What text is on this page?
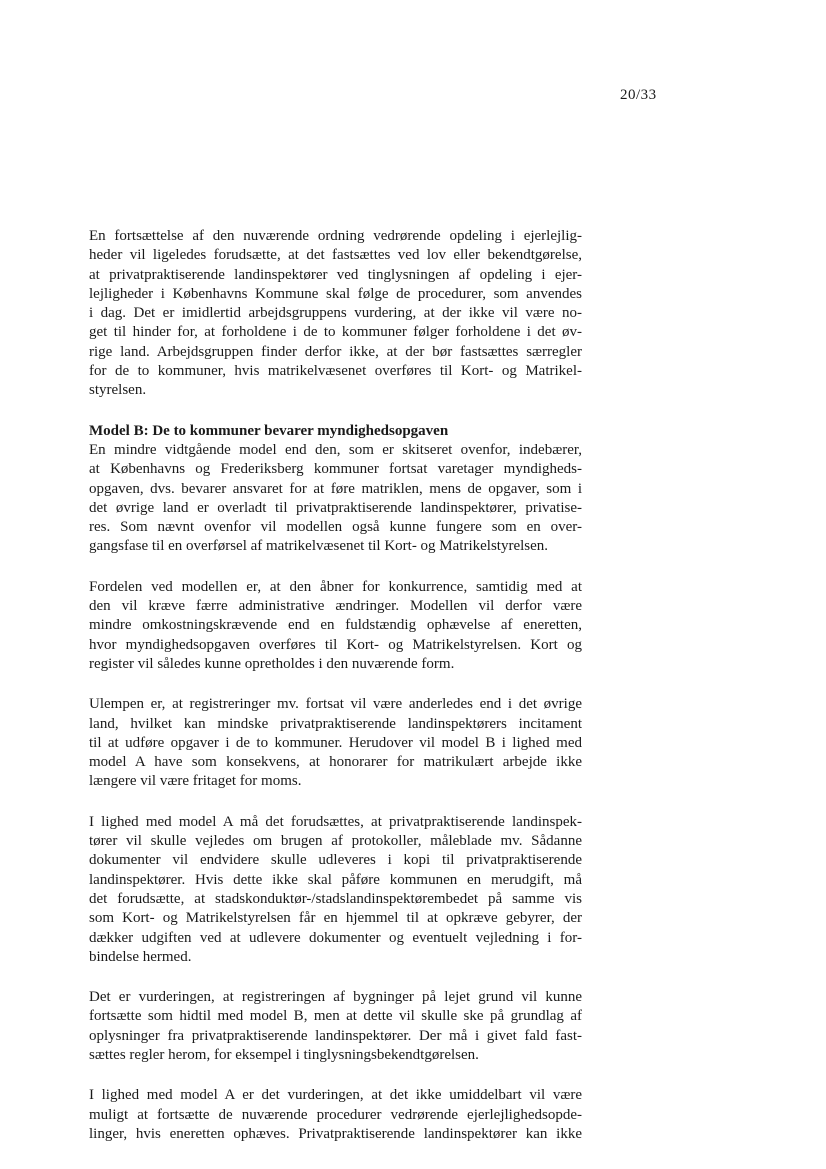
20/33
En fortsættelse af den nuværende ordning vedrørende opdeling i ejerlejlig-
heder vil ligeledes forudsætte, at det fastsættes ved lov eller bekendtgørelse,
at privatpraktiserende landinspektører ved tinglysningen af opdeling i ejer-
lejligheder i Københavns Kommune skal følge de procedurer, som anvendes
i dag. Det er imidlertid arbejdsgruppens vurdering, at der ikke vil være no-
get til hinder for, at forholdene i de to kommuner følger forholdene i det øv-
rige land. Arbejdsgruppen finder derfor ikke, at der bør fastsættes særregler
for de to kommuner, hvis matrikelvæsenet overføres til Kort- og Matrikel-
styrelsen.
Model B: De to kommuner bevarer myndighedsopgaven
En mindre vidtgående model end den, som er skitseret ovenfor, indebærer,
at Københavns og Frederiksberg kommuner fortsat varetager myndigheds-
opgaven, dvs. bevarer ansvaret for at føre matriklen, mens de opgaver, som i
det øvrige land er overladt til privatpraktiserende landinspektører, privatise-
res. Som nævnt ovenfor vil modellen også kunne fungere som en over-
gangsfase til en overførsel af matrikelvæsenet til Kort- og Matrikelstyrelsen.
Fordelen ved modellen er, at den åbner for konkurrence, samtidig med at
den vil kræve færre administrative ændringer. Modellen vil derfor være
mindre omkostningskrævende end en fuldstændig ophævelse af eneretten,
hvor myndighedsopgaven overføres til Kort- og Matrikelstyrelsen. Kort og
register vil således kunne opretholdes i den nuværende form.
Ulempen er, at registreringer mv. fortsat vil være anderledes end i det øvrige
land, hvilket kan mindske privatpraktiserende landinspektørers incitament
til at udføre opgaver i de to kommuner. Herudover vil model B i lighed med
model A have som konsekvens, at honorarer for matrikulært arbejde ikke
længere vil være fritaget for moms.
I lighed med model A må det forudsættes, at privatpraktiserende landinspek-
tører vil skulle vejledes om brugen af protokoller, måleblade mv. Sådanne
dokumenter vil endvidere skulle udleveres i kopi til privatpraktiserende
landinspektører. Hvis dette ikke skal påføre kommunen en merudgift, må
det forudsætte, at stadskonduktør-/stadslandinspektørembedet på samme vis
som Kort- og Matrikelstyrelsen får en hjemmel til at opkræve gebyrer, der
dækker udgiften ved at udlevere dokumenter og eventuelt vejledning i for-
bindelse hermed.
Det er vurderingen, at registreringen af bygninger på lejet grund vil kunne
fortsætte som hidtil med model B, men at dette vil skulle ske på grundlag af
oplysninger fra privatpraktiserende landinspektører. Der må i givet fald fast-
sættes regler herom, for eksempel i tinglysningsbekendtgørelsen.
I lighed med model A er det vurderingen, at det ikke umiddelbart vil være
muligt at fortsætte de nuværende procedurer vedrørende ejerlejlighedsopde-
linger, hvis eneretten ophæves. Privatpraktiserende landinspektører kan ikke
